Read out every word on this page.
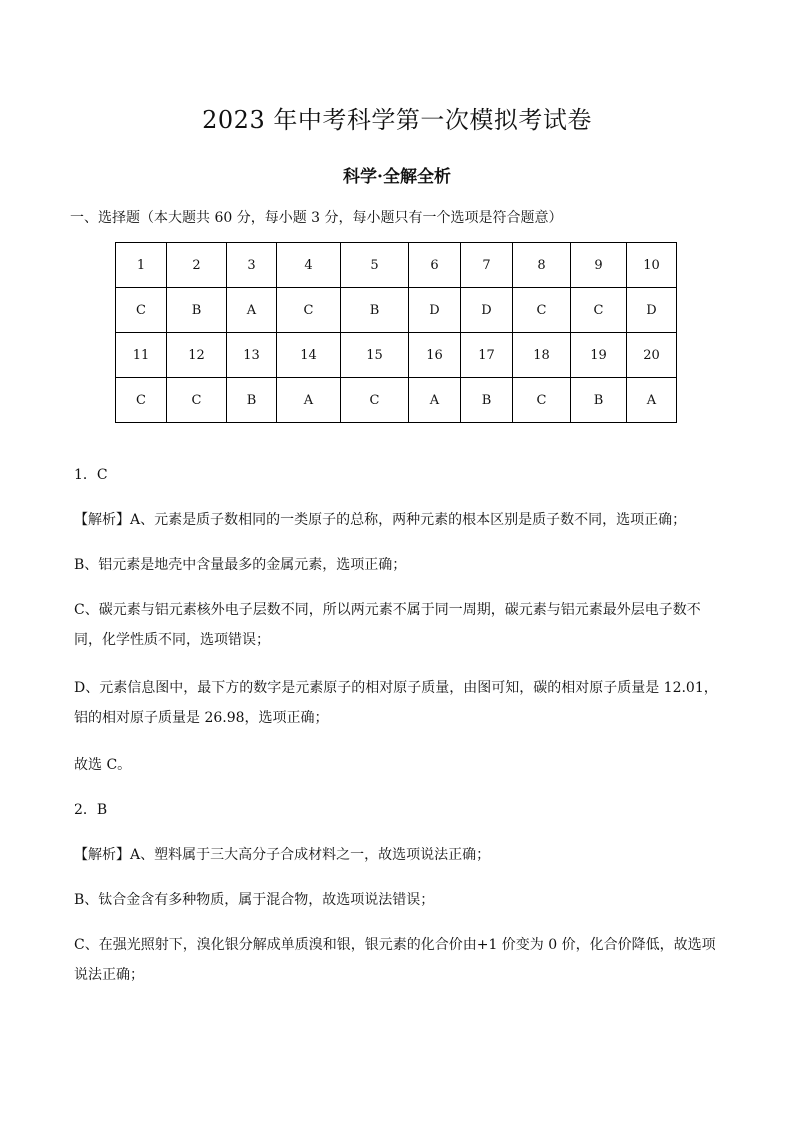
2023 年中考科学第一次模拟考试卷
科学·全解全析
一、选择题（本大题共 60 分，每小题 3 分，每小题只有一个选项是符合题意）
1	2	3	4	5	6	7	8	9	10
C	B	A	C	B	D	D	C	C	D
11	12	13	14	15	16	17	18	19	20
C	C	B	A	C	A	B	C	B	A
1．C
【解析】A、元素是质子数相同的一类原子的总称，两种元素的根本区别是质子数不同，选项正确；
B、铝元素是地壳中含量最多的金属元素，选项正确；
C、碳元素与铝元素核外电子层数不同，所以两元素不属于同一周期，碳元素与铝元素最外层电子数不同，化学性质不同，选项错误；
D、元素信息图中，最下方的数字是元素原子的相对原子质量，由图可知，碳的相对原子质量是 12.01，铝的相对原子质量是 26.98，选项正确；
故选 C。
2．B
【解析】A、塑料属于三大高分子合成材料之一，故选项说法正确；
B、钛合金含有多种物质，属于混合物，故选项说法错误；
C、在强光照射下，溴化银分解成单质溴和银，银元素的化合价由+1 价变为 0 价，化合价降低，故选项说法正确；
